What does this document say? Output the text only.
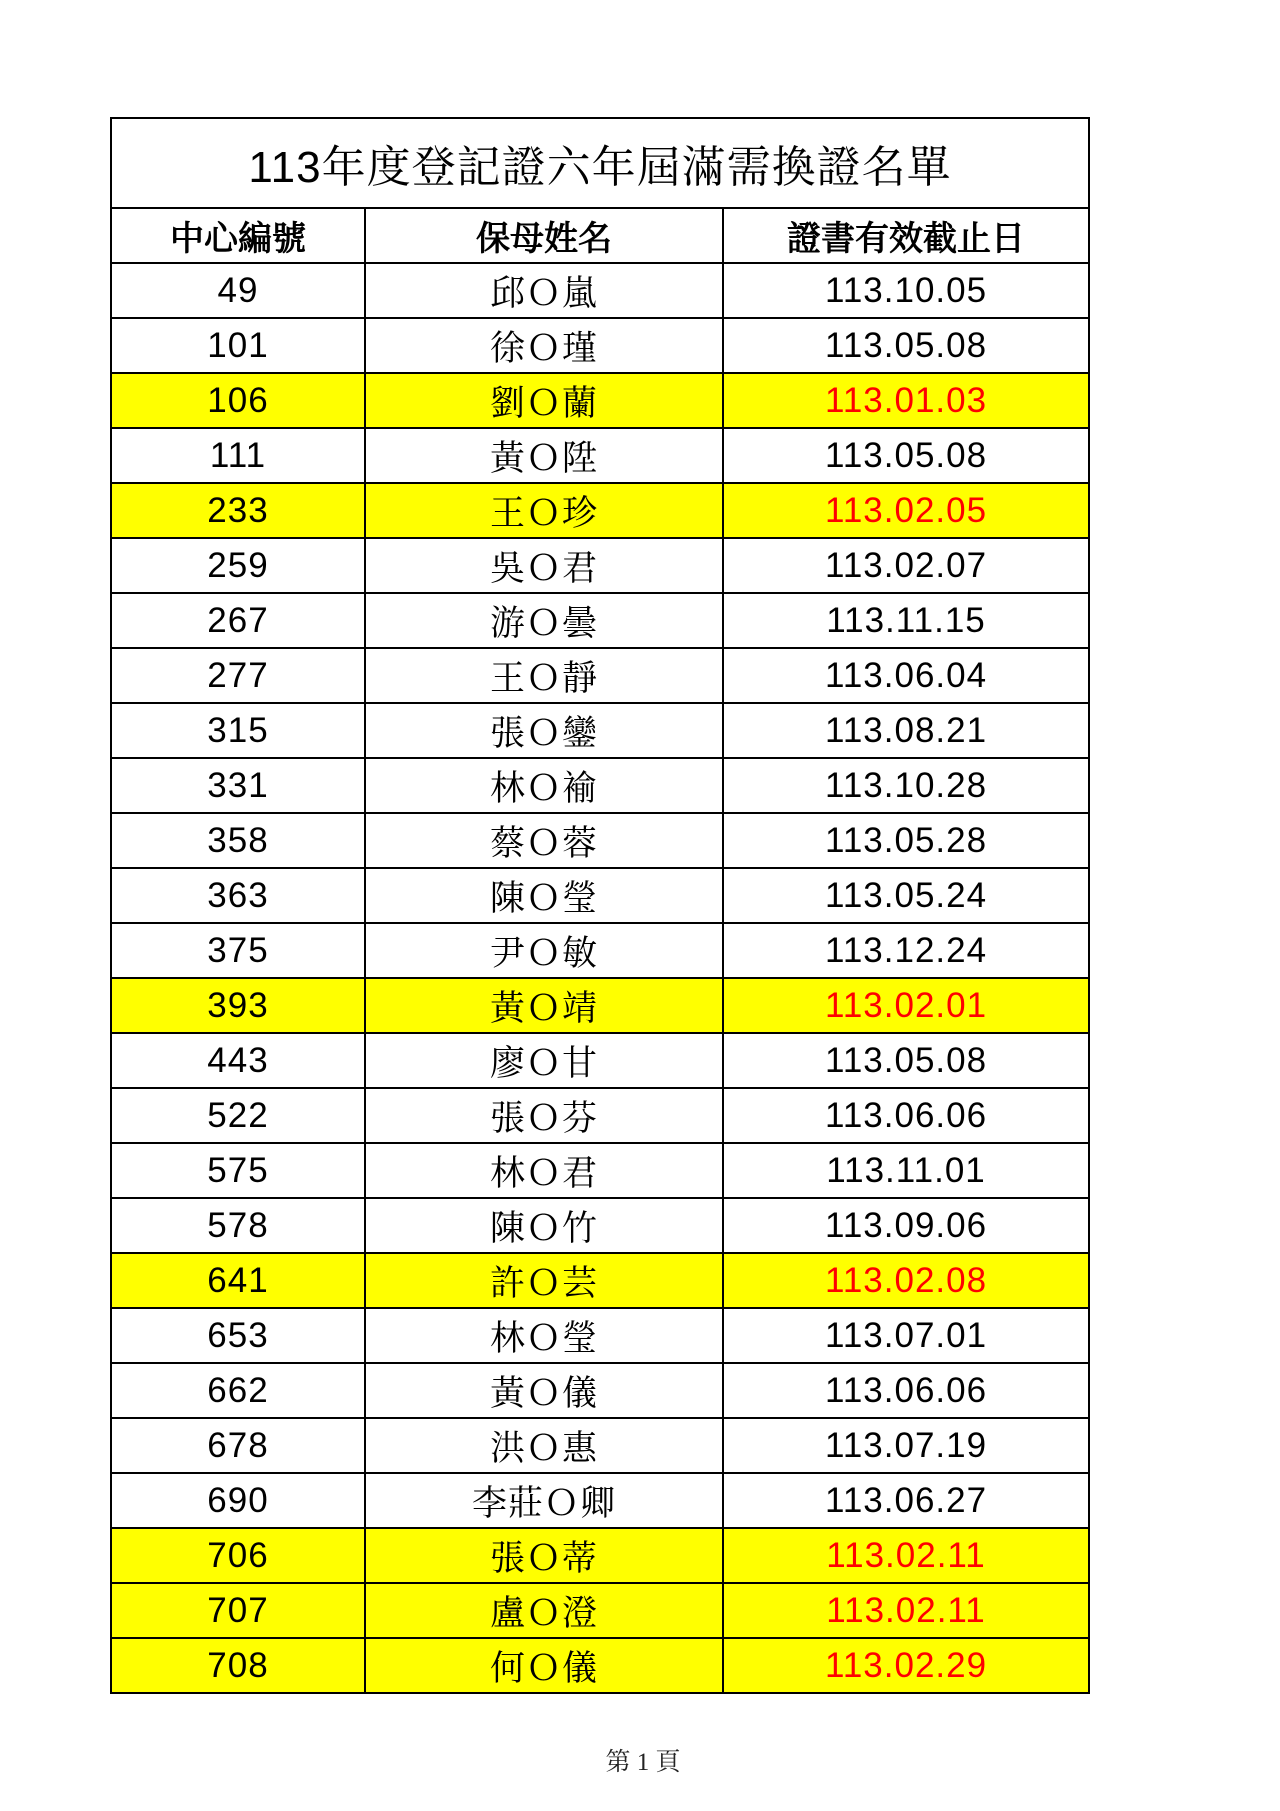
113年度登記證六年屆滿需換證名單		
中心編號	保母姓名	證書有效截止日
49	邱Ｏ嵐	113.10.05
101	徐Ｏ瑾	113.05.08
106	劉Ｏ蘭	113.01.03
111	黃Ｏ陞	113.05.08
233	王Ｏ珍	113.02.05
259	吳Ｏ君	113.02.07
267	游Ｏ曇	113.11.15
277	王Ｏ靜	113.06.04
315	張Ｏ鑾	113.08.21
331	林Ｏ褕	113.10.28
358	蔡Ｏ蓉	113.05.28
363	陳Ｏ瑩	113.05.24
375	尹Ｏ敏	113.12.24
393	黃Ｏ靖	113.02.01
443	廖Ｏ甘	113.05.08
522	張Ｏ芬	113.06.06
575	林Ｏ君	113.11.01
578	陳Ｏ竹	113.09.06
641	許Ｏ芸	113.02.08
653	林Ｏ瑩	113.07.01
662	黃Ｏ儀	113.06.06
678	洪Ｏ惠	113.07.19
690	李莊Ｏ卿	113.06.27
706	張Ｏ蒂	113.02.11
707	盧Ｏ澄	113.02.11
708	何Ｏ儀	113.02.29
第 1 頁
